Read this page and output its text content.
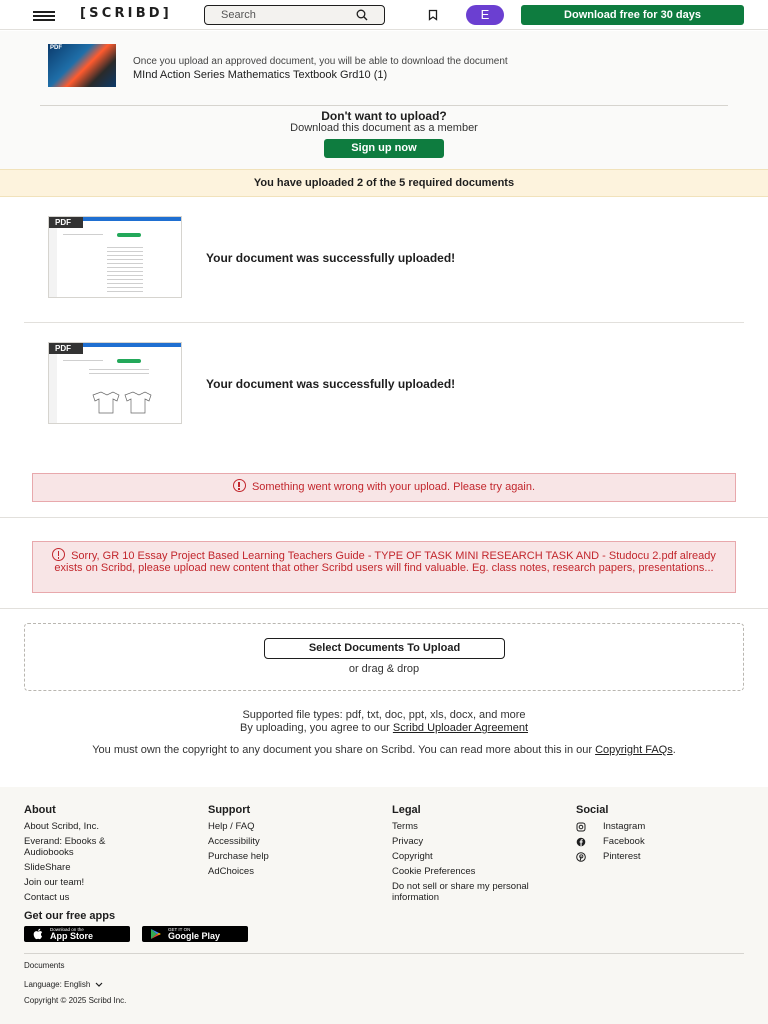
[SCRIBD]
Search	E	Download free for 30 days
PDF
Once you upload an approved document, you will be able to download the document
MInd Action Series Mathematics Textbook Grd10 (1)
Don't want to upload?
Download this document as a member
Sign up now
You have uploaded 2 of the 5 required documents
PDF
Your document was successfully uploaded!
PDF
Your document was successfully uploaded!
Something went wrong with your upload. Please try again.
Sorry, GR 10 Essay Project Based Learning Teachers Guide - TYPE OF TASK MINI RESEARCH TASK AND - Studocu 2.pdf already exists on Scribd, please upload new content that other Scribd users will find valuable. Eg. class notes, research papers, presentations...
Select Documents To Upload
or drag & drop
Supported file types: pdf, txt, doc, ppt, xls, docx, and more
By uploading, you agree to our Scribd Uploader Agreement
You must own the copyright to any document you share on Scribd. You can read more about this in our Copyright FAQs.
About
About Scribd, Inc.
Everand: Ebooks & Audiobooks
SlideShare
Join our team!
Contact us
Support
Help / FAQ
Accessibility
Purchase help
AdChoices
Legal
Terms
Privacy
Copyright
Cookie Preferences
Do not sell or share my personal information
Social
Instagram
Facebook
Pinterest
Get our free apps
Download on the
App Store
GET IT ON
Google Play
Documents
Language: English
Copyright © 2025 Scribd Inc.
